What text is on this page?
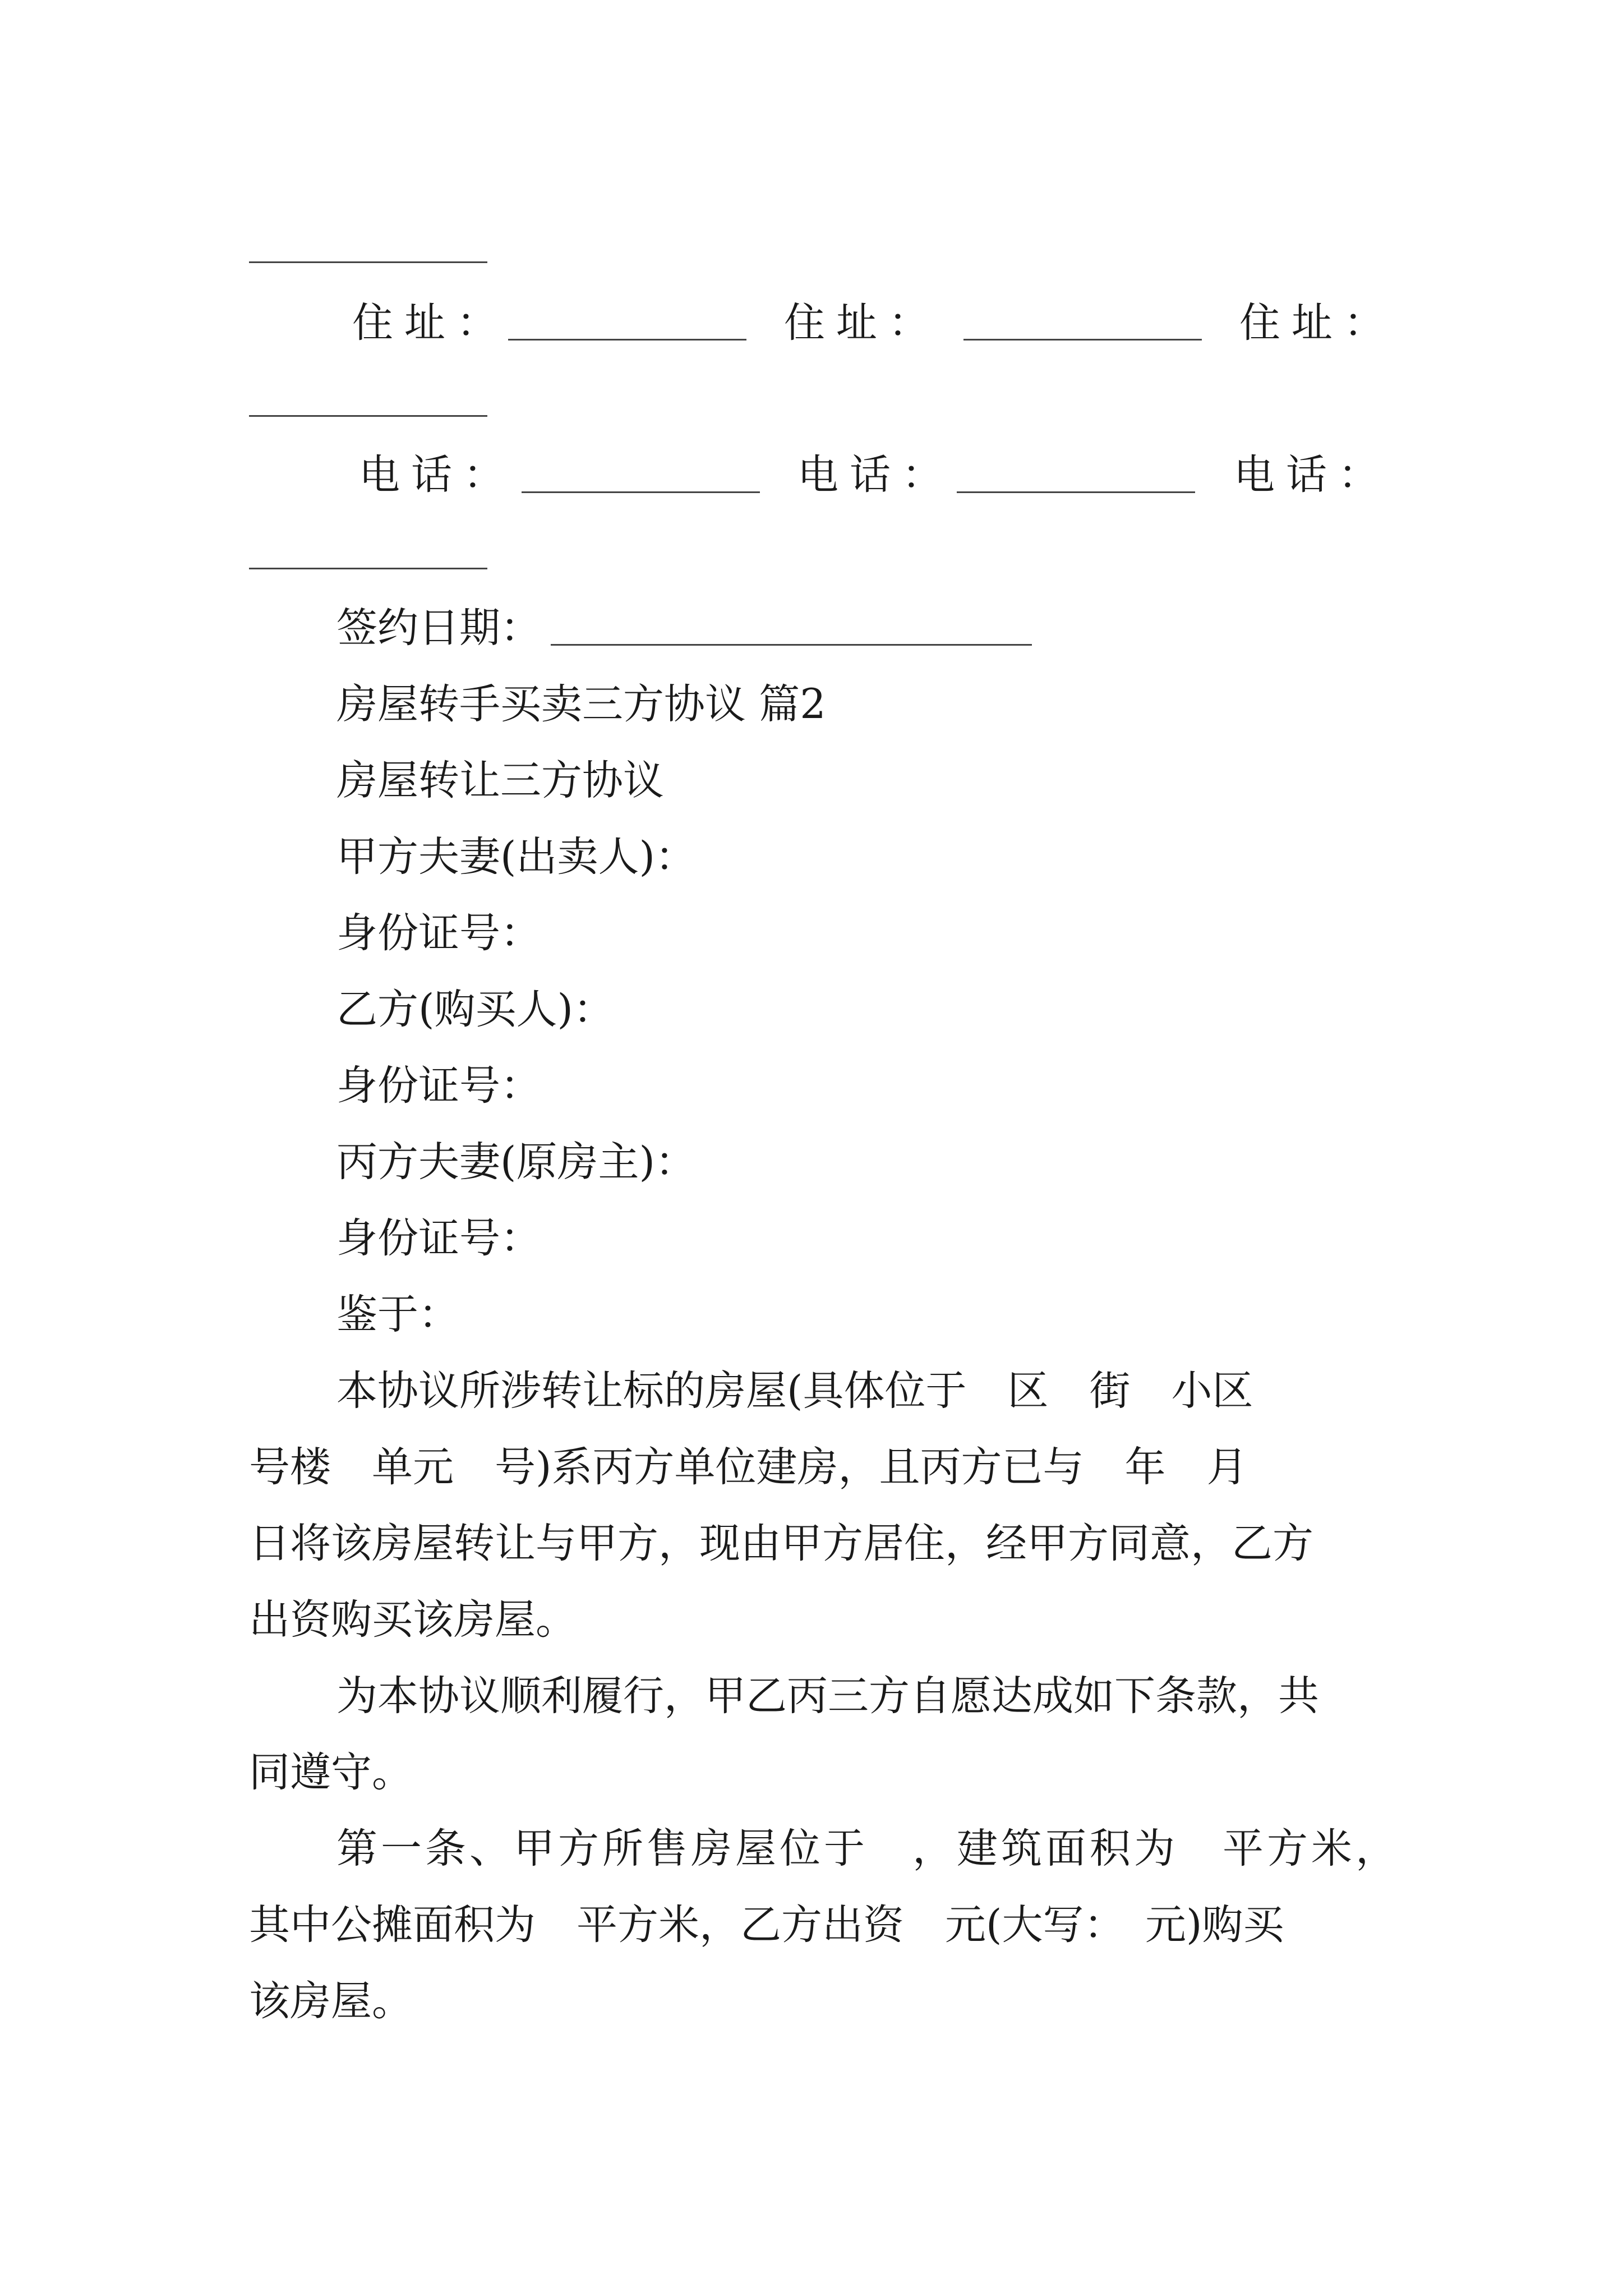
住址：	住址：	住址：
电话：	电话：	电话：
签约日期：
房屋转手买卖三方协议 篇2
房屋转让三方协议
甲方夫妻(出卖人)：
身份证号：
乙方(购买人)：
身份证号：
丙方夫妻(原房主)：
身份证号：
鉴于：
本协议所涉转让标的房屋(具体位于　区　街　小区
号楼　单元　号)系丙方单位建房，且丙方已与　年　月
日将该房屋转让与甲方，现由甲方居住，经甲方同意，乙方
出资购买该房屋。
为本协议顺利履行，甲乙丙三方自愿达成如下条款，共
同遵守。
第一条、甲方所售房屋位于　，建筑面积为　平方米，
其中公摊面积为　平方米，乙方出资　元(大写：　元)购买
该房屋。
